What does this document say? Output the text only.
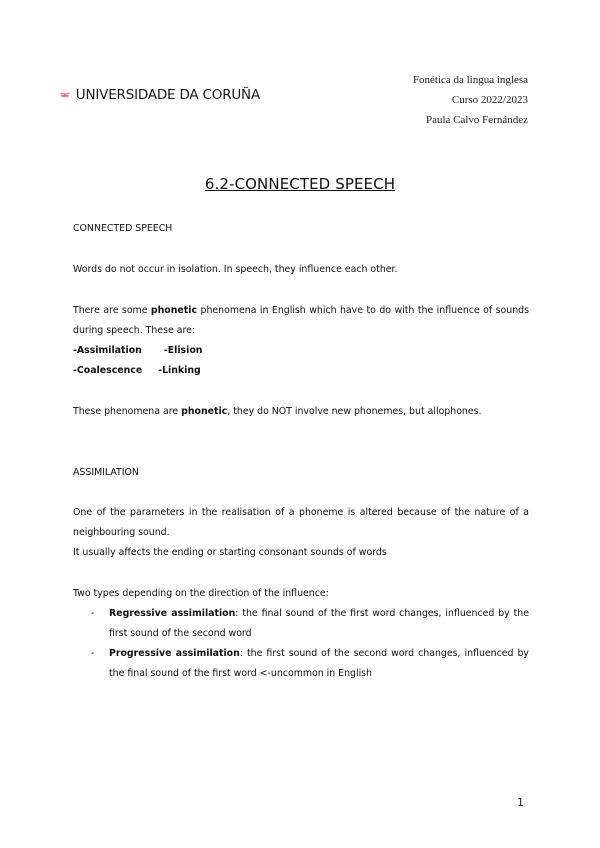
UNIVERSIDADE DA CORUÑA
Fonética da lingua inglesa
Curso 2022/2023
Paula Calvo Fernández
6.2-CONNECTED SPEECH

CONNECTED SPEECH

Words do not occur in isolation. In speech, they influence each other.

There are some phonetic phenomena in English which have to do with the influence of sounds during speech. These are:

-Assimilation -Elision

-Coalescence -Linking

These phenomena are phonetic, they do NOT involve new phonemes, but allophones.

ASSIMILATION

One of the parameters in the realisation of a phoneme is altered because of the nature of a neighbouring sound.

It usually affects the ending or starting consonant sounds of words

Two types depending on the direction of the influence:

- Regressive assimilation: the final sound of the first word changes, influenced by the first sound of the second word
- Progressive assimilation: the first sound of the second word changes, influenced by the final sound of the first word <-uncommon in English
1
